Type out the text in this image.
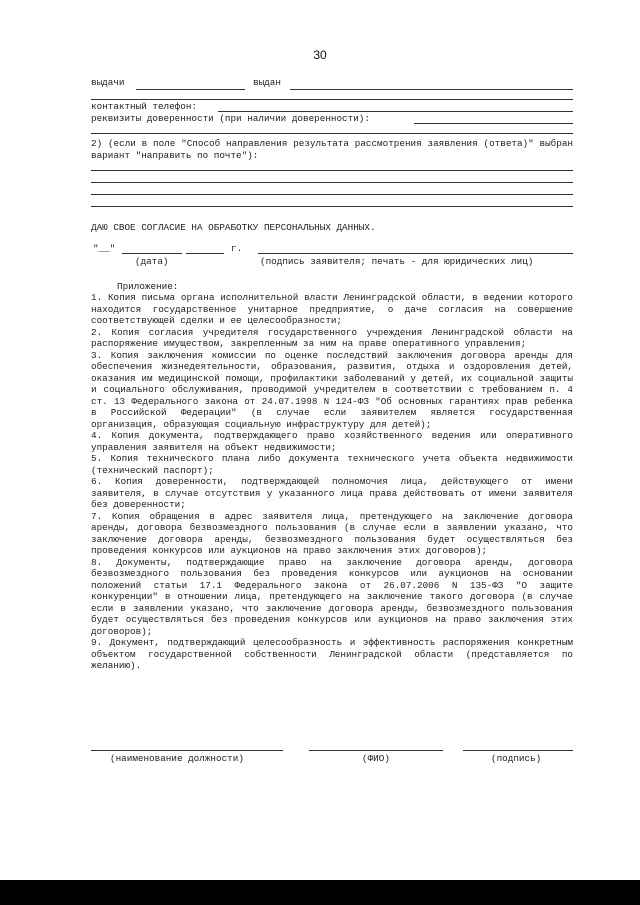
30
выдачи	выдан
контактный телефон:
реквизиты доверенности (при наличии доверенности):
2) (если в поле "Способ направления результата рассмотрения заявления (ответа)" выбран вариант "направить по почте"):
ДАЮ СВОЕ СОГЛАСИЕ НА ОБРАБОТКУ ПЕРСОНАЛЬНЫХ ДАННЫХ.
"__"	г.
(дата)	(подпись заявителя; печать - для юридических лиц)
Приложение:

1. Копия письма органа исполнительной власти Ленинградской области, в ведении которого находится государственное унитарное предприятие, о даче согласия на совершение соответствующей сделки и ее целесообразности;

2. Копия согласия учредителя государственного учреждения Ленинградской области на распоряжение имуществом, закрепленным за ним на праве оперативного управления;

3. Копия заключения комиссии по оценке последствий заключения договора аренды для обеспечения жизнедеятельности, образования, развития, отдыха и оздоровления детей, оказания им медицинской помощи, профилактики заболеваний у детей, их социальной защиты и социального обслуживания, проводимой учредителем в соответствии с требованием п. 4 ст. 13 Федерального закона от 24.07.1998 N 124-ФЗ "Об основных гарантиях прав ребенка в Российской Федерации" (в случае если заявителем является государственная организация, образующая социальную инфраструктуру для детей);

4. Копия документа, подтверждающего право хозяйственного ведения или оперативного управления заявителя на объект недвижимости;

5. Копия технического плана либо документа технического учета объекта недвижимости (технический паспорт);

6. Копия доверенности, подтверждающей полномочия лица, действующего от имени заявителя, в случае отсутствия у указанного лица права действовать от имени заявителя без доверенности;

7. Копия обращения в адрес заявителя лица, претендующего на заключение договора аренды, договора безвозмездного пользования (в случае если в заявлении указано, что заключение договора аренды, безвозмездного пользования будет осуществляться без проведения конкурсов или аукционов на право заключения этих договоров);

8. Документы, подтверждающие право на заключение договора аренды, договора безвозмездного пользования без проведения конкурсов или аукционов на основании положений статьи 17.1 Федерального закона от 26.07.2006 N 135-ФЗ "О защите конкуренции" в отношении лица, претендующего на заключение такого договора (в случае если в заявлении указано, что заключение договора аренды, безвозмездного пользования будет осуществляться без проведения конкурсов или аукционов на право заключения этих договоров);

9. Документ, подтверждающий целесообразность и эффективность распоряжения конкретным объектом государственной собственности Ленинградской области (представляется по желанию).

(наименование должности)	(ФИО)	(подпись)
